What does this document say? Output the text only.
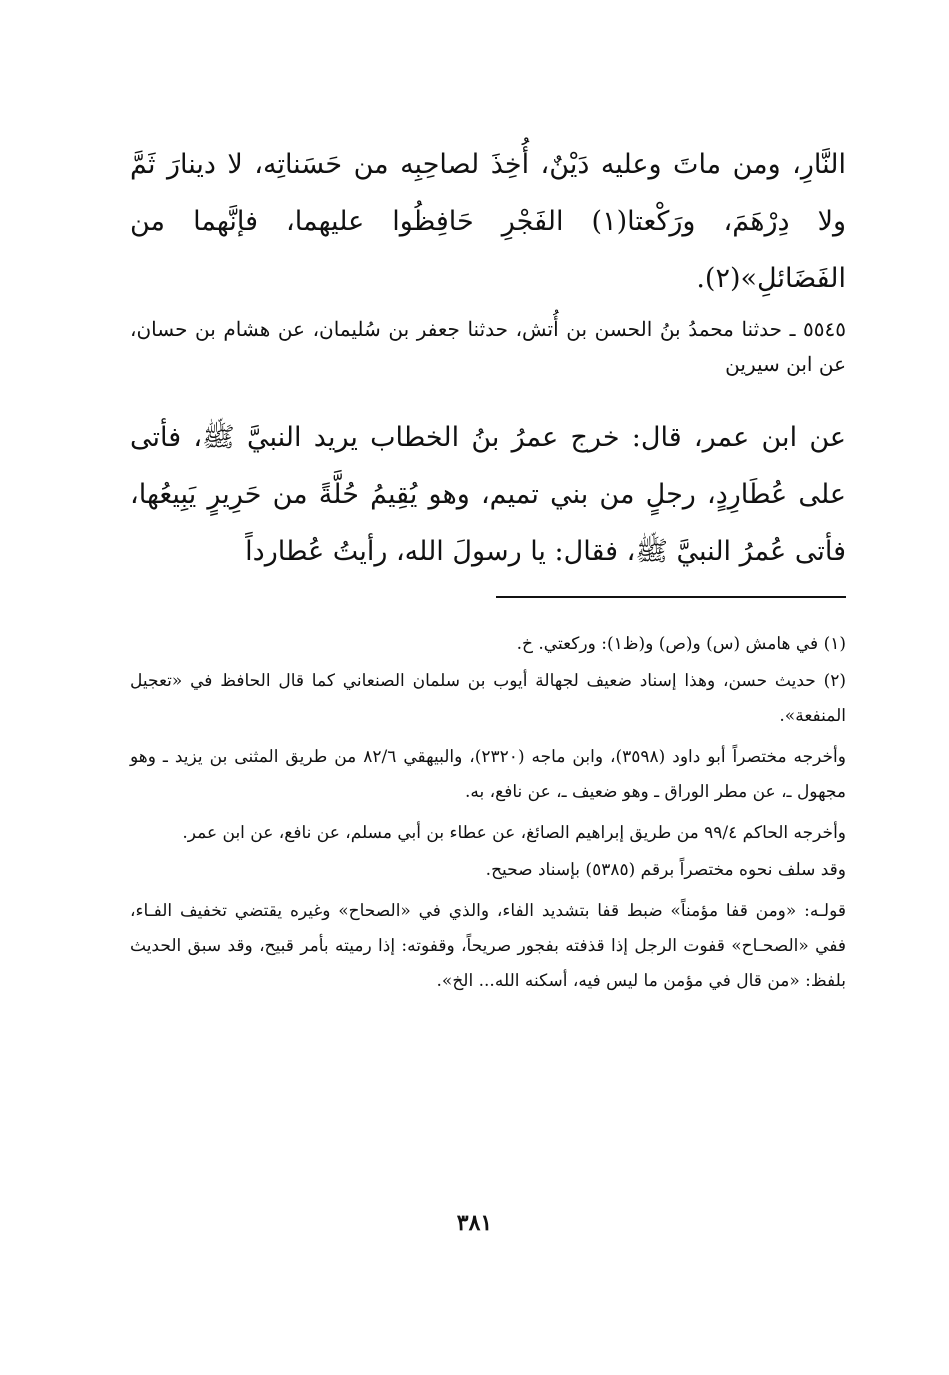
النَّارِ، ومن ماتَ وعليه دَيْنٌ، أُخِذَ لصاحِبِه من حَسَناتِه، لا دينارَ ثَمَّ ولا دِرْهَمَ، ورَكْعتا(١) الفَجْرِ حَافِظُوا عليهما، فإنَّهما من الفَضَائلِ»(٢).

٥٥٤٥ ـ حدثنا محمدُ بنُ الحسن بن أُتش، حدثنا جعفر بن سُليمان، عن هشام بن حسان، عن ابن سيرين

عن ابن عمر، قال: خرج عمرُ بنُ الخطاب يريد النبيَّ ﷺ، فأتى على عُطَارِدٍ، رجلٍ من بني تميم، وهو يُقِيمُ حُلَّةً من حَرِيرٍ يَبِيعُها، فأتى عُمرُ النبيَّ ﷺ، فقال: يا رسولَ الله، رأيتُ عُطارداً

(١) في هامش (س) و(ص) و(ظ١): وركعتي. خ.

(٢) حديث حسن، وهذا إسناد ضعيف لجهالة أيوب بن سلمان الصنعاني كما قال الحافظ في «تعجيل المنفعة».

وأخرجه مختصراً أبو داود (٣٥٩٨)، وابن ماجه (٢٣٢٠)، والبيهقي ٨٢/٦ من طريق المثنى بن يزيد ـ وهو مجهول ـ، عن مطر الوراق ـ وهو ضعيف ـ، عن نافع، به.

وأخرجه الحاكم ٩٩/٤ من طريق إبراهيم الصائغ، عن عطاء بن أبي مسلم، عن نافع، عن ابن عمر.

وقد سلف نحوه مختصراً برقم (٥٣٨٥) بإسناد صحيح.

قولـه: «ومن قفا مؤمناً» ضبط قفا بتشديد الفاء، والذي في «الصحاح» وغيره يقتضي تخفيف الفـاء، ففي «الصحـاح» قفوت الرجل إذا قذفته بفجور صريحاً، وقفوته: إذا رميته بأمر قبيح، وقد سبق الحديث بلفظ: «من قال في مؤمن ما ليس فيه، أسكنه الله... الخ».

٣٨١
